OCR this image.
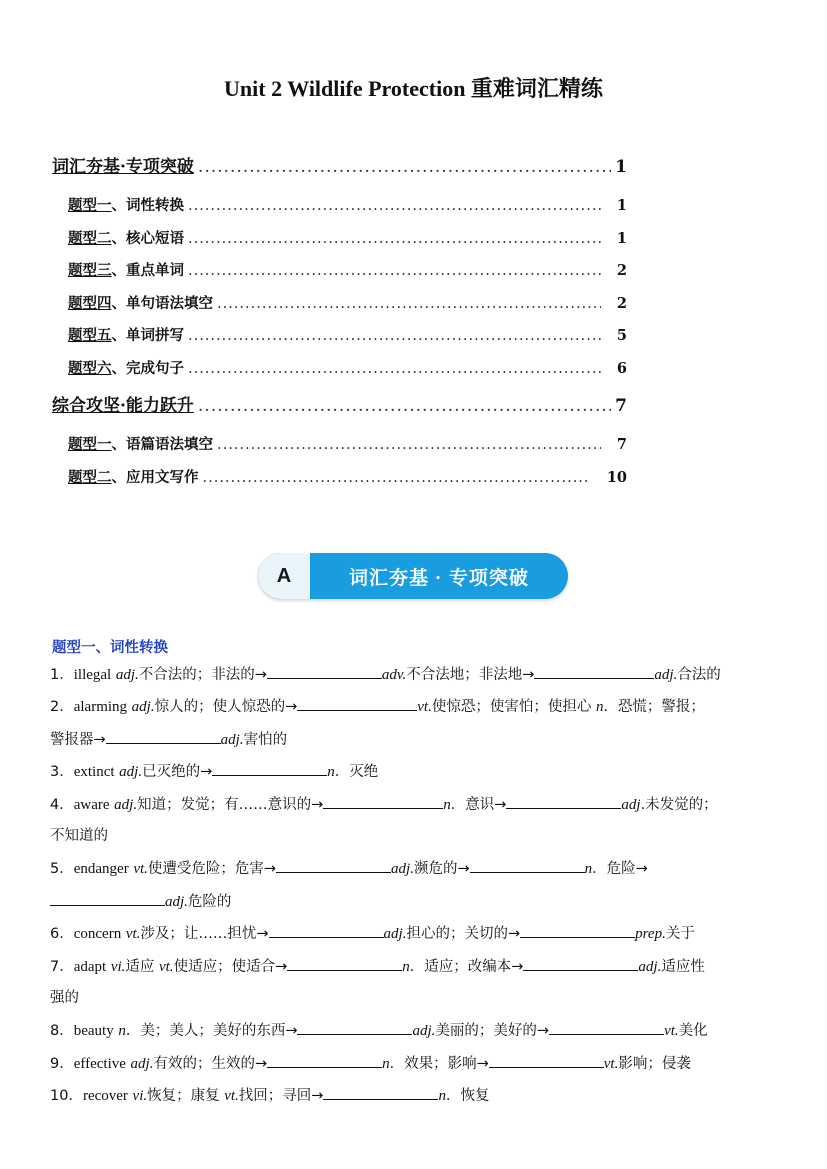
Unit 2 Wildlife Protection 重难词汇精练
词汇夯基·专项突破 .....	1
题型一、词性转换 .....	1
题型二、核心短语 .....	1
题型三、重点单词 .....	2
题型四、单句语法填空 .....	2
题型五、单词拼写 .....	5
题型六、完成句子 .....	6
综合攻坚·能力跃升 .....	7
题型一、语篇语法填空 .....	7
题型二、应用文写作 .....	10
A	词汇夯基 · 专项突破
题型一、词性转换
1．illegal adj.不合法的；非法的→	adv.不合法地；非法地→	adj.合法的
2．alarming adj.惊人的；使人惊恐的→	vt.使惊恐；使害怕；使担心 n．恐慌；警报；
警报器→	adj.害怕的
3．extinct adj.已灭绝的→	n．灭绝
4．aware adj.知道；发觉；有……意识的→	n．意识→	adj.未发觉的；
不知道的
5．endanger vt.使遭受危险；危害→	adj.濒危的→	n．危险→
adj.危险的
6．concern vt.涉及；让……担忧→	adj.担心的；关切的→	prep.关于
7．adapt vi.适应 vt.使适应；使适合→	n．适应；改编本→	adj.适应性
强的
8．beauty n．美；美人；美好的东西→	adj.美丽的；美好的→	vt.美化
9．effective adj.有效的；生效的→	n．效果；影响→	vt.影响；侵袭
10．recover vi.恢复；康复 vt.找回；寻回→	n．恢复
